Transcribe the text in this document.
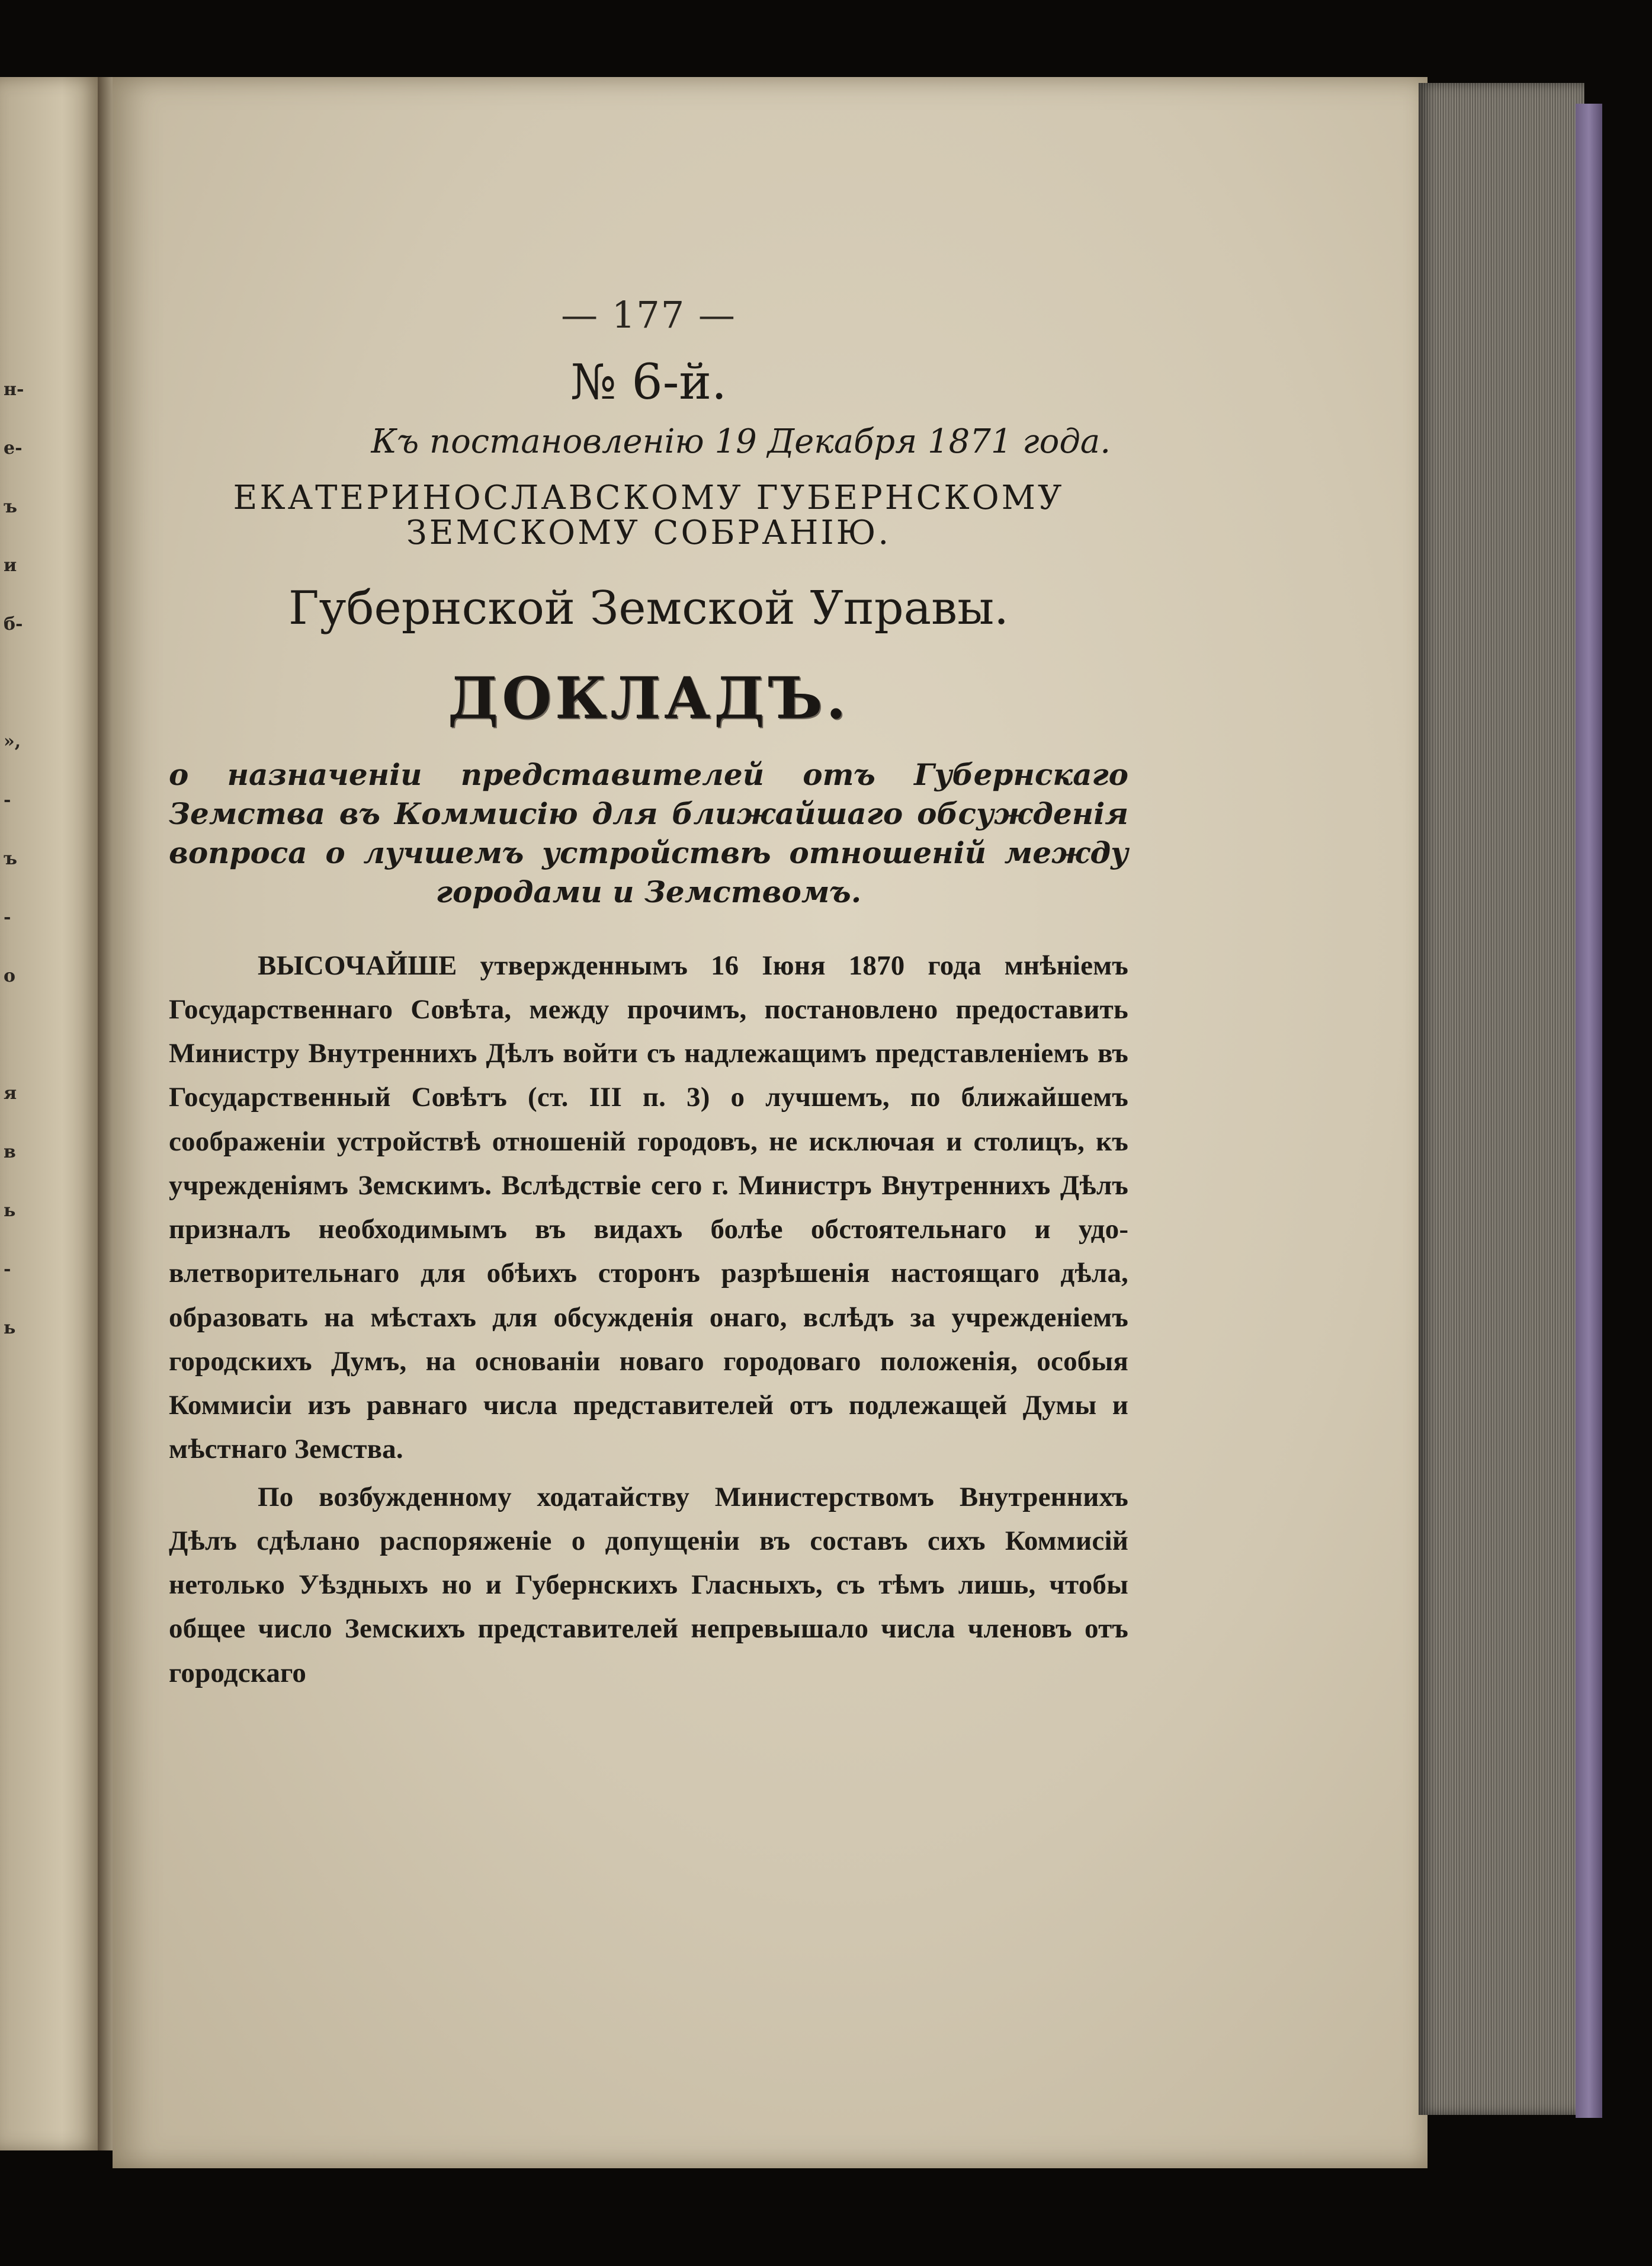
н-
е-
ъ
и
б-
»,
-
ъ
-
о
я
в
ь
-
ь
— 177 —
№ 6-й.
Къ постановленію 19 Декабря 1871 года.
ЕКАТЕРИНОСЛАВСКОМУ ГУБЕРНСКОМУ ЗЕМСКОМУ СОБРАНІЮ.
Губернской Земской Управы.
ДОКЛАДЪ.
о назначеніи представителей отъ Губернскаго Земства въ Коммисію для ближайшаго обсужденія вопроса о лучшемъ устройствѣ отношеній между городами и Земствомъ.

ВЫСОЧАЙШЕ утвержденнымъ 16 Іюня 1870 года мнѣніемъ Государственнаго Совѣта, между прочимъ, постановлено предоставить Министру Внутреннихъ Дѣлъ войти съ надлежащимъ представленіемъ въ Государственный Совѣтъ (ст. III п. 3) о лучшемъ, по ближайшемъ соображеніи устройствѣ отношеній городовъ, не исключая и столицъ, къ учрежденіямъ Земскимъ. Вслѣдствіе сего г. Министръ Внутреннихъ Дѣлъ призналъ необходимымъ въ видахъ болѣе обстоятельнаго и удовлетворительнаго для обѣихъ сторонъ разрѣшенія настоящаго дѣла, образовать на мѣстахъ для обсужденія онаго, вслѣдъ за учрежденіемъ городскихъ Думъ, на основаніи новаго городоваго положенія, особыя Коммисіи изъ равнаго числа представителей отъ подлежащей Думы и мѣстнаго Земства.

По возбужденному ходатайству Министерствомъ Внутреннихъ Дѣлъ сдѣлано распоряженіе о допущеніи въ составъ сихъ Коммисій нетолько Уѣздныхъ но и Губернскихъ Гласныхъ, съ тѣмъ лишь, чтобы общее число Земскихъ представителей непревышало числа членовъ отъ городскаго
